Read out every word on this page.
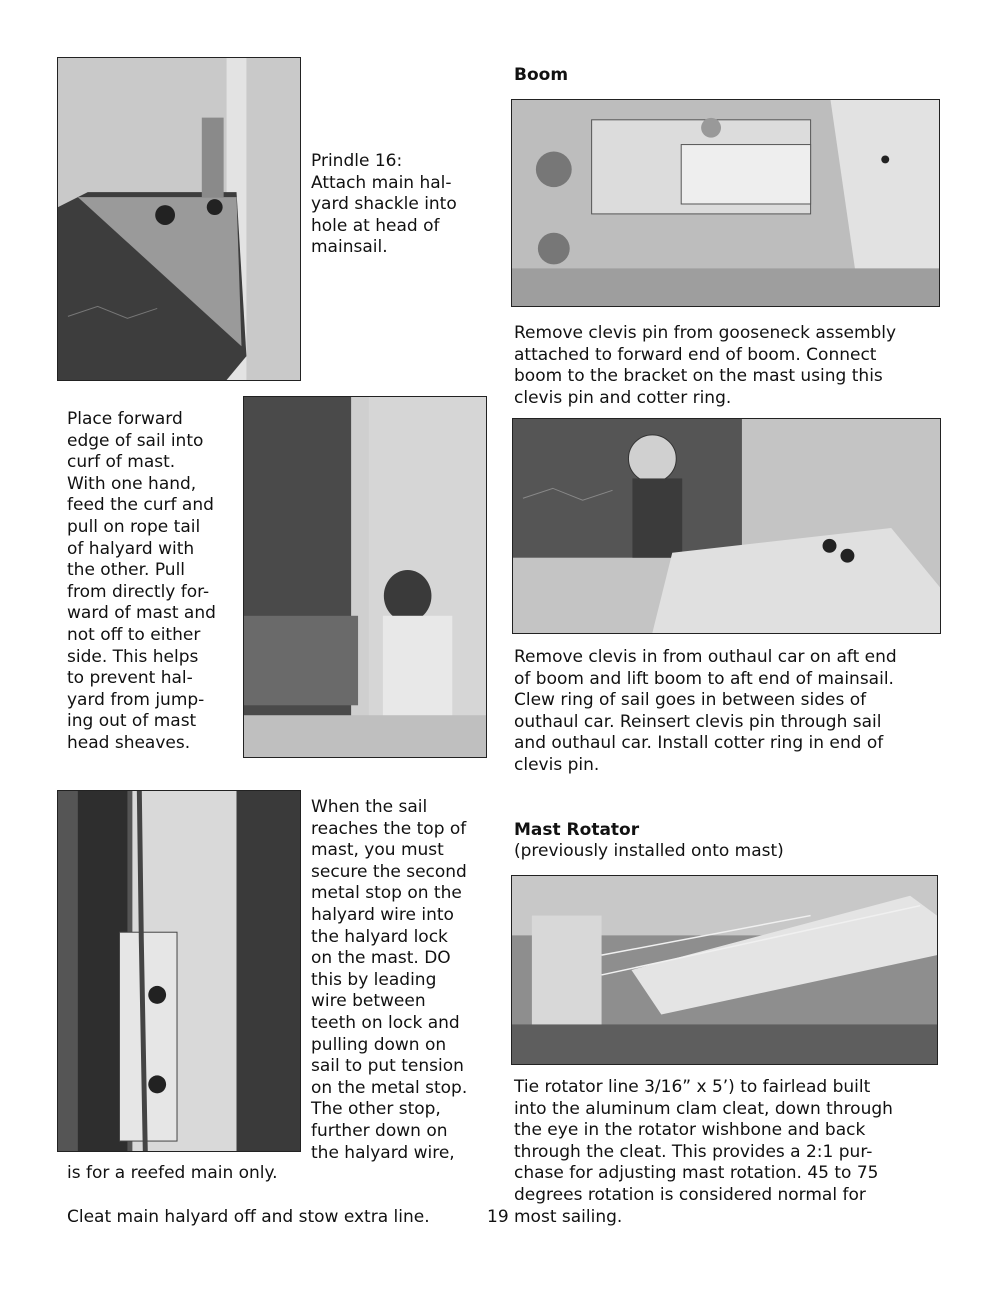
Prindle 16:
Attach main hal-
yard shackle into
hole at head of
mainsail.
Place forward
edge of sail into
curf of mast.
With one hand,
feed the curf and
pull on rope tail
of halyard with
the other. Pull
from directly for-
ward of mast and
not off to either
side. This helps
to prevent hal-
yard from jump-
ing out of mast
head sheaves.
When the sail
reaches the top of
mast, you must
secure the second
metal stop on the
halyard wire into
the halyard lock
on the mast. DO
this by leading
wire between
teeth on lock and
pulling down on
sail to put tension
on the metal stop.
The other stop,
further down on
the halyard wire,
is for a reefed main only.
Cleat main halyard off and stow extra line.
Boom
Remove clevis pin from gooseneck assembly
attached to forward end of boom. Connect
boom to the bracket on the mast using this
clevis pin and cotter ring.
Remove clevis in from outhaul car on aft end
of boom and lift boom to aft end of mainsail.
Clew ring of sail goes in between sides of
outhaul car. Reinsert clevis pin through sail
and outhaul car. Install cotter ring in end of
clevis pin.
Mast Rotator
(previously installed onto mast)
Tie rotator line 3/16” x 5’) to fairlead built
into the aluminum clam cleat, down through
the eye in the rotator wishbone and back
through the cleat. This provides a 2:1 pur-
chase for adjusting mast rotation. 45 to 75
degrees rotation is considered normal for
most sailing.
19
